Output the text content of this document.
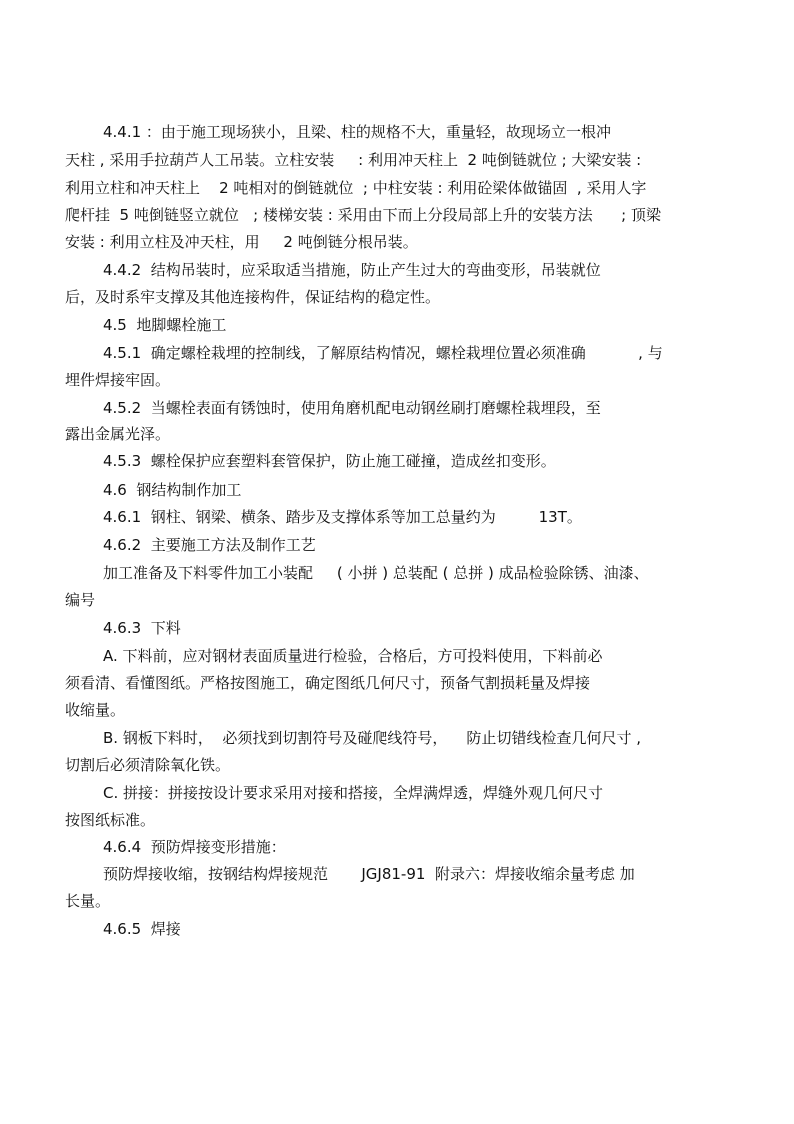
4.4.1 ：由于施工现场狭小，且梁、柱的规格不大，重量轻，故现场立一根冲
天柱 , 采用手拉葫芦人工吊装。立柱安装     : 利用冲天柱上  2 吨倒链就位 ; 大梁安装 :
利用立柱和冲天柱上    2 吨相对的倒链就位  ; 中柱安装 : 利用砼梁体做锚固  , 采用人字
爬杆挂  5 吨倒链竖立就位   ; 楼梯安装 : 采用由下而上分段局部上升的安装方法      ; 顶梁
安装 : 利用立柱及冲天柱，用     2 吨倒链分根吊装。
4.4.2  结构吊装时，应采取适当措施，防止产生过大的弯曲变形，吊装就位
后，及时系牢支撑及其他连接构件，保证结构的稳定性。
4.5  地脚螺栓施工
4.5.1  确定螺栓栽埋的控制线，了解原结构情况，螺栓栽埋位置必须准确           , 与
埋件焊接牢固。
4.5.2  当螺栓表面有锈蚀时，使用角磨机配电动钢丝刷打磨螺栓栽埋段，至
露出金属光泽。
4.5.3  螺栓保护应套塑料套管保护，防止施工碰撞，造成丝扣变形。
4.6  钢结构制作加工
4.6.1  钢柱、钢梁、横条、踏步及支撑体系等加工总量约为         13T。
4.6.2  主要施工方法及制作工艺
加工准备及下料零件加工小装配     ( 小拼 ) 总装配 ( 总拼 ) 成品检验除锈、油漆、
编号
4.6.3  下料
A. 下料前，应对钢材表面质量进行检验，合格后，方可投料使用，下料前必
须看清、看懂图纸。严格按图施工，确定图纸几何尺寸，预备气割损耗量及焊接
收缩量。
B. 钢板下料时，  必须找到切割符号及碰爬线符号，    防止切错线检查几何尺寸 ,
切割后必须清除氧化铁。
C. 拼接：拼接按设计要求采用对接和搭接，全焊满焊透，焊缝外观几何尺寸
按图纸标准。
4.6.4  预防焊接变形措施：
预防焊接收缩，按钢结构焊接规范       JGJ81-91  附录六：焊接收缩余量考虑 加
长量。
4.6.5  焊接
